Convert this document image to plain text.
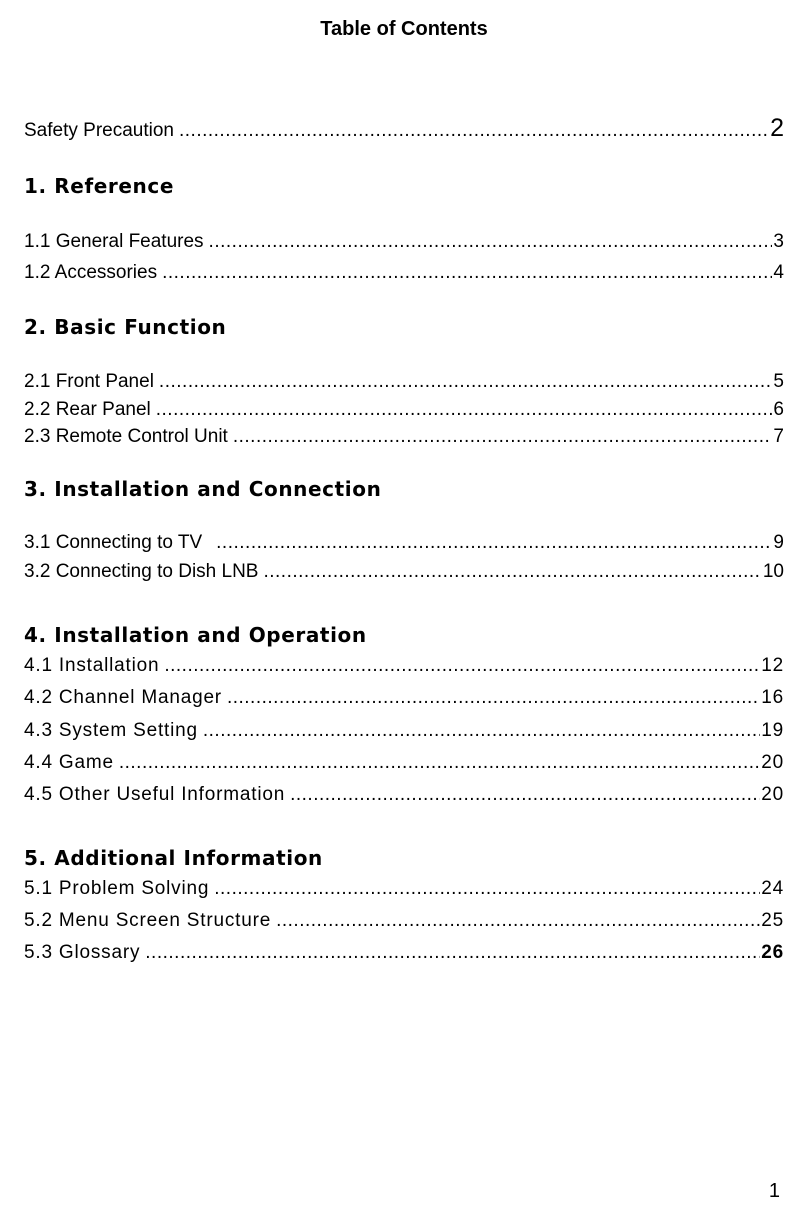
Table of Contents
Safety Precaution .....	2
1. Reference
1.1 General Features .....	3
1.2 Accessories .....	4
2. Basic Function
2.1 Front Panel .....	5
2.2 Rear Panel .....	6
2.3 Remote Control Unit .....	7
3. Installation and Connection
3.1 Connecting to TV .....	9
3.2 Connecting to Dish LNB .....	10
4. Installation and Operation
4.1 Installation .....	12
4.2 Channel Manager .....	16
4.3 System Setting .....	19
4.4 Game .....	20
4.5 Other Useful Information .....	20
5. Additional Information
5.1 Problem Solving .....	24
5.2 Menu Screen Structure .....	25
5.3 Glossary .....	26
1
